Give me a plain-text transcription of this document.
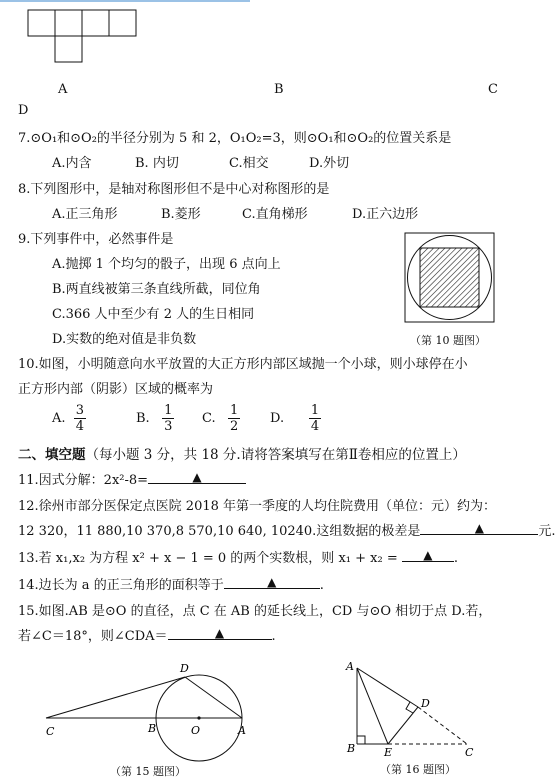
A	B	C
D
7.⊙O₁和⊙O₂的半径分别为 5 和 2，O₁O₂=3，则⊙O₁和⊙O₂的位置关系是
A.内含	B. 内切	C.相交	D.外切
8.下列图形中，是轴对称图形但不是中心对称图形的是
A.正三角形	B.菱形	C.直角梯形	D.正六边形
9.下列事件中，必然事件是
A.抛掷 1 个均匀的骰子，出现 6 点向上
B.两直线被第三条直线所截，同位角
C.366 人中至少有 2 人的生日相同
D.实数的绝对值是非负数	（第 10 题图）
10.如图，小明随意向水平放置的大正方形内部区域抛一个小球，则小球停在小
正方形内部（阴影）区域的概率为
A. $\frac{3}{4}$	B. $\frac{1}{3} C$. $\frac{1}{2} D$. $\frac{1}{4}$
二、填空题（每小题 3 分，共 18 分.请将答案填写在第Ⅱ卷相应的位置上）
11.因式分解：2x²-8=	▲
12.徐州市部分医保定点医院 2018 年第一季度的人均住院费用（单位：元）约为：
12 320，11 880,10 370,8 570,10 640, 10240.这组数据的极差是	▲	元.
13.若 x₁,x₂ 为方程 x² + x − 1 = 0 的两个实数根，则 x₁ + x₂ = ▲ .
14.边长为 a 的正三角形的面积等于	▲	.
15.如图.AB 是⊙O 的直径，点 C 在 AB 的延长线上，CD 与⊙O 相切于点 D.若，
若∠C＝18°，则∠CDA＝	▲	.
C	B	O	A
D
（第 15 题图）
A
B	E	C
D
（第 16 题图）
